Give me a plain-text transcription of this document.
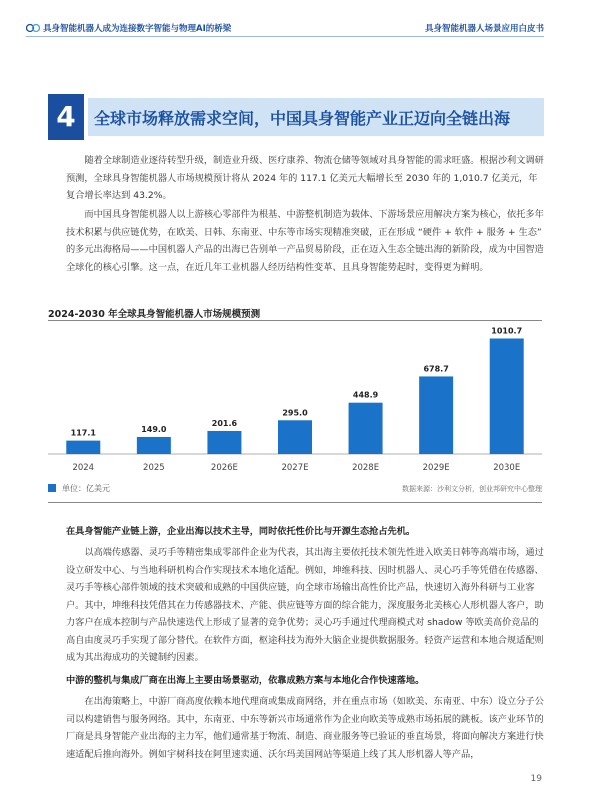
具身智能机器人成为连接数字智能与物理AI的桥梁	具身智能机器人场景应用白皮书
4	全球市场释放需求空间，中国具身智能产业正迈向全链出海
随着全球制造业逐待转型升级，制造业升级、医疗康养、物流仓储等领域对具身智能的需求旺盛。根据沙利文调研预测，全球具身智能机器人市场规模预计将从 2024 年的 117.1 亿美元大幅增长至 2030 年的 1,010.7 亿美元，年复合增长率达到 43.2%。
而中国具身智能机器人以上游核心零部件为根基、中游整机制造为载体、下游场景应用解决方案为核心，依托多年技术积累与供应链优势，在欧美、日韩、东南亚、中东等市场实现精准突破，正在形成 “硬件 + 软件 + 服务 + 生态” 的多元出海格局——中国机器人产品的出海已告别单一产品贸易阶段，正在迈入生态全链出海的新阶段，成为中国智造全球化的核心引擎。这一点，在近几年工业机器人经历结构性变革、且具身智能势起时，变得更为鲜明。
2024-2030 年全球具身智能机器人市场规模预测
117.1
2024
149.0
2025
201.6
2026E
295.0
2027E
448.9
2028E
678.7
2029E
1010.7
2030E
单位：亿美元	数据来源：沙利文分析，创业邦研究中心整理
在具身智能产业链上游，企业出海以技术主导，同时依托性价比与开源生态抢占先机。
以高端传感器、灵巧手等精密集成零部件企业为代表，其出海主要依托技术领先性进入欧美日韩等高端市场，通过设立研发中心、与当地科研机构合作实现技术本地化适配。例如，坤维科技、因时机器人、灵心巧手等凭借在传感器、灵巧手等核心部件领域的技术突破和成熟的中国供应链，向全球市场输出高性价比产品，快速切入海外科研与工业客户。其中，坤维科技凭借其在力传感器技术、产能、供应链等方面的综合能力，深度服务北美核心人形机器人客户，助力客户在成本控制与产品快速迭代上形成了显著的竞争优势；灵心巧手通过代理商模式对 shadow 等欧美高价竞品的高自由度灵巧手实现了部分替代。在软件方面，枢途科技为海外大脑企业提供数据服务。轻资产运营和本地合规适配则成为其出海成功的关键制约因素。
中游的整机与集成厂商在出海上主要由场景驱动，依靠成熟方案与本地化合作快速落地。
在出海策略上，中游厂商高度依赖本地代理商或集成商网络，并在重点市场（如欧美、东南亚、中东）设立分子公司以构建销售与服务网络。其中，东南亚、中东等新兴市场通常作为企业向欧美等成熟市场拓展的跳板。该产业环节的厂商是具身智能产业出海的主力军，他们通常基于物流、制造、商业服务等已验证的垂直场景，将面向解决方案进行快速适配后推向海外。例如宇树科技在阿里速卖通、沃尔玛美国网站等渠道上线了其人形机器人等产品，
19
